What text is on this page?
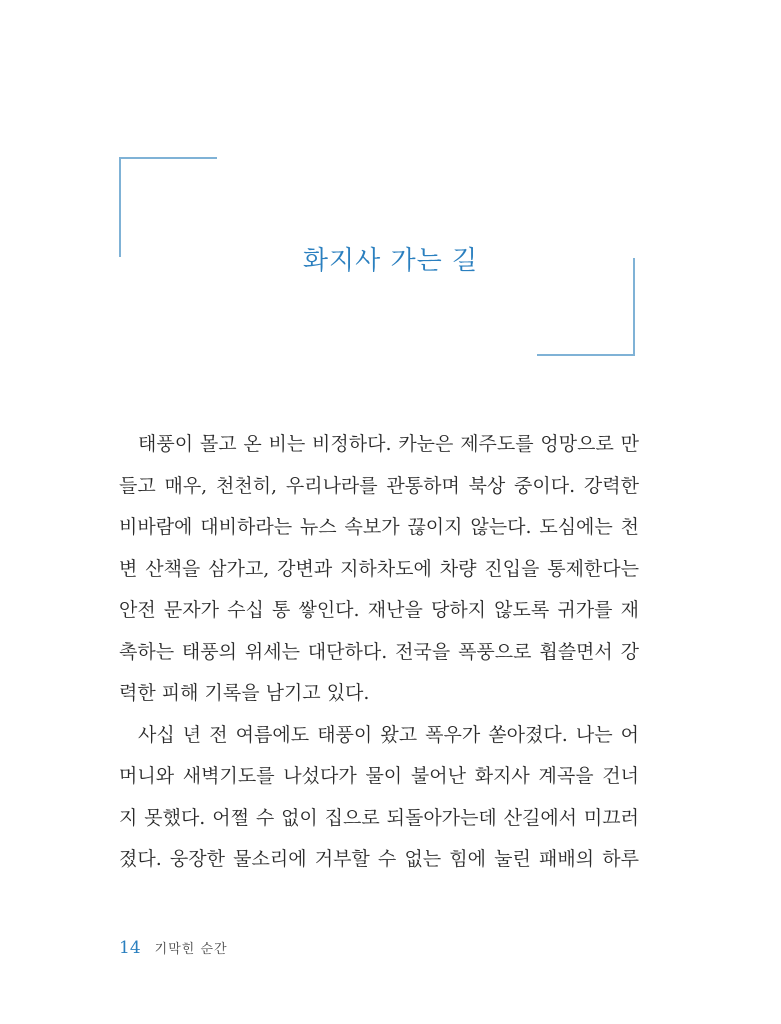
화지사 가는 길
태풍이 몰고 온 비는 비정하다. 카눈은 제주도를 엉망으로 만
들고 매우, 천천히, 우리나라를 관통하며 북상 중이다. 강력한
비바람에 대비하라는 뉴스 속보가 끊이지 않는다. 도심에는 천
변 산책을 삼가고, 강변과 지하차도에 차량 진입을 통제한다는
안전 문자가 수십 통 쌓인다. 재난을 당하지 않도록 귀가를 재
촉하는 태풍의 위세는 대단하다. 전국을 폭풍으로 휩쓸면서 강
력한 피해 기록을 남기고 있다.
사십 년 전 여름에도 태풍이 왔고 폭우가 쏟아졌다. 나는 어
머니와 새벽기도를 나섰다가 물이 불어난 화지사 계곡을 건너
지 못했다. 어쩔 수 없이 집으로 되돌아가는데 산길에서 미끄러
졌다. 웅장한 물소리에 거부할 수 없는 힘에 눌린 패배의 하루
14 기막힌 순간
